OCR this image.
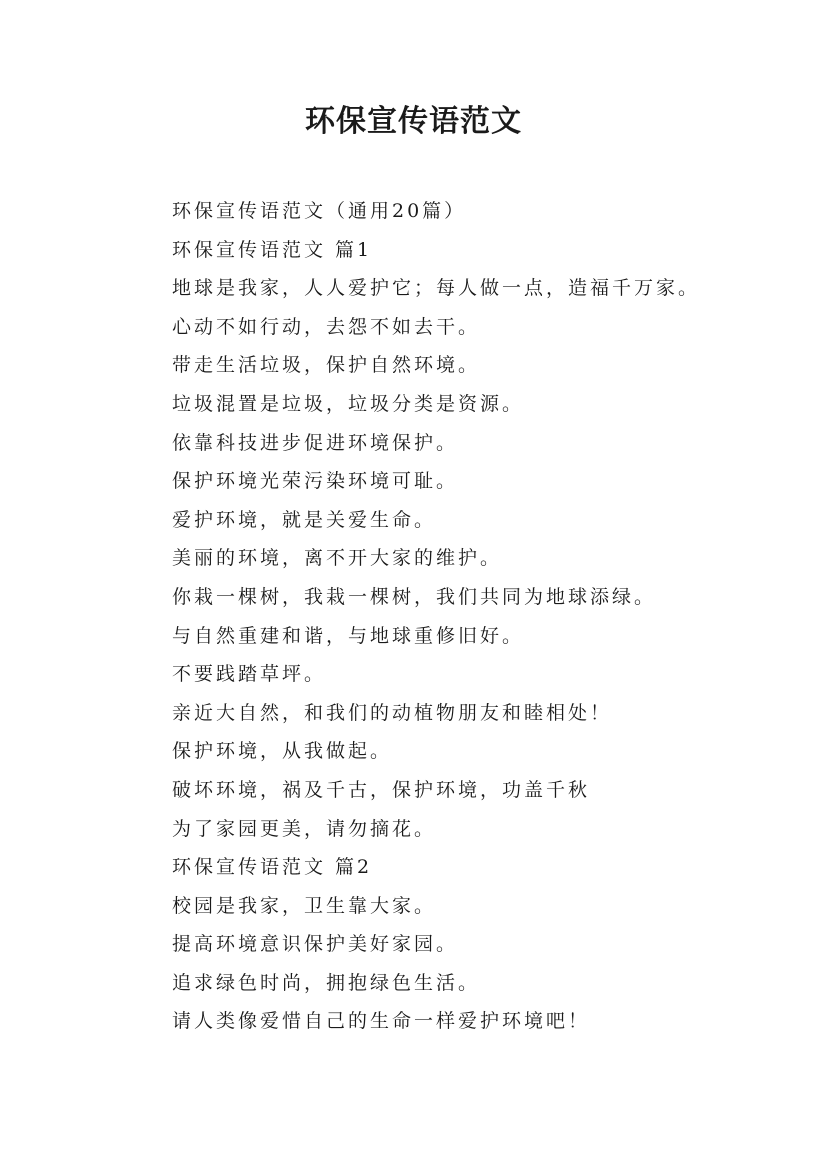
环保宣传语范文
环保宣传语范文（通用20篇）
环保宣传语范文 篇1
地球是我家，人人爱护它；每人做一点，造福千万家。
心动不如行动，去怨不如去干。
带走生活垃圾，保护自然环境。
垃圾混置是垃圾，垃圾分类是资源。
依靠科技进步促进环境保护。
保护环境光荣污染环境可耻。
爱护环境，就是关爱生命。
美丽的环境，离不开大家的维护。
你栽一棵树，我栽一棵树，我们共同为地球添绿。
与自然重建和谐，与地球重修旧好。
不要践踏草坪。
亲近大自然，和我们的动植物朋友和睦相处！
保护环境，从我做起。
破坏环境，祸及千古，保护环境，功盖千秋
为了家园更美，请勿摘花。
环保宣传语范文 篇2
校园是我家，卫生靠大家。
提高环境意识保护美好家园。
追求绿色时尚，拥抱绿色生活。
请人类像爱惜自己的生命一样爱护环境吧！
